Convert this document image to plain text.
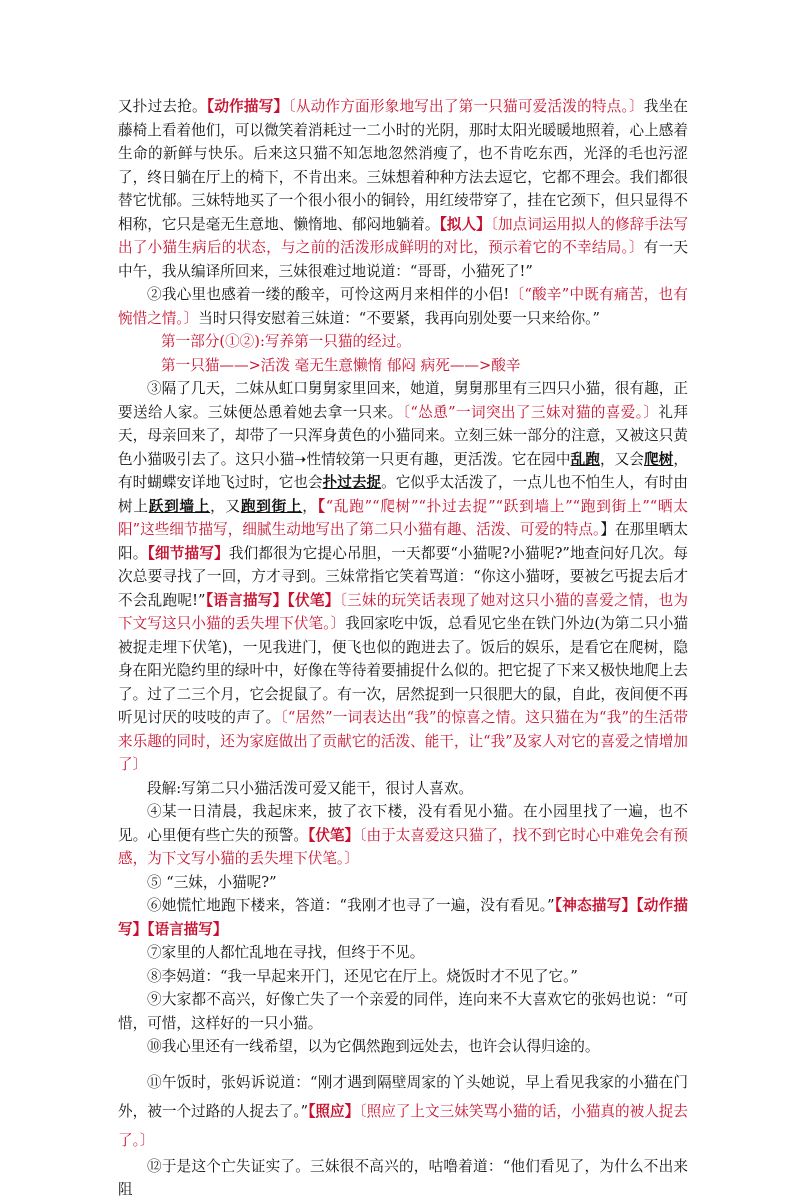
又扑过去抢。【动作描写】〔从动作方面形象地写出了第一只猫可爱活泼的特点。〕我坐在藤椅上看着他们，可以微笑着消耗过一二小时的光阴，那时太阳光暖暖地照着，心上感着生命的新鲜与快乐。后来这只猫不知怎地忽然消瘦了，也不肯吃东西，光泽的毛也污涩了，终日躺在厅上的椅下，不肯出来。三妹想着种种方法去逗它，它都不理会。我们都很替它忧郁。三妹特地买了一个很小很小的铜铃，用红绫带穿了，挂在它颈下，但只显得不相称，它只是毫无生意地、懒惰地、郁闷地躺着。【拟人】〔加点词运用拟人的修辞手法写出了小猫生病后的状态，与之前的活泼形成鲜明的对比，预示着它的不幸结局。〕有一天中午，我从编译所回来，三妹很难过地说道：“哥哥，小猫死了!”

②我心里也感着一缕的酸辛，可怜这两月来相伴的小侣!〔“酸辛”中既有痛苦，也有惋惜之情。〕当时只得安慰着三妹道：“不要紧，我再向别处要一只来给你。”

第一部分(①②):写养第一只猫的经过。

第一只猫——>活泼 毫无生意懒惰 郁闷 病死——>酸辛

③隔了几天，二妹从虹口舅舅家里回来，她道，舅舅那里有三四只小猫，很有趣，正要送给人家。三妹便怂恿着她去拿一只来。〔“怂恿”一词突出了三妹对猫的喜爱。〕礼拜天，母亲回来了，却带了一只浑身黄色的小猫同来。立刻三妹一部分的注意，又被这只黄色小猫吸引去了。这只小猫➝性情较第一只更有趣，更活泼。它在园中乱跑，又会爬树，有时蝴蝶安详地飞过时，它也会扑过去捉。它似乎太活泼了，一点儿也不怕生人，有时由树上跃到墙上，又跑到街上，【“乱跑”“爬树”“扑过去捉”“跃到墙上”“跑到街上”“晒太阳”这些细节描写，细腻生动地写出了第二只小猫有趣、活泼、可爱的特点。】在那里晒太阳。【细节描写】我们都很为它提心吊胆，一天都要“小猫呢?小猫呢?”地查问好几次。每次总要寻找了一回，方才寻到。三妹常指它笑着骂道：“你这小猫呀，要被乞丐捉去后才不会乱跑呢!”【语言描写】【伏笔】〔三妹的玩笑话表现了她对这只小猫的喜爱之情，也为下文写这只小猫的丢失埋下伏笔。〕我回家吃中饭，总看见它坐在铁门外边(为第二只小猫被捉走埋下伏笔)，一见我进门，便飞也似的跑进去了。饭后的娱乐，是看它在爬树，隐身在阳光隐约里的绿叶中，好像在等待着要捕捉什么似的。把它捉了下来又极快地爬上去了。过了二三个月，它会捉鼠了。有一次，居然捉到一只很肥大的鼠，自此，夜间便不再听见讨厌的吱吱的声了。〔“居然”一词表达出“我”的惊喜之情。这只猫在为“我”的生活带来乐趣的同时，还为家庭做出了贡献它的活泼、能干，让“我”及家人对它的喜爱之情增加了〕

段解:写第二只小猫活泼可爱又能干，很讨人喜欢。

④某一日清晨，我起床来，披了衣下楼，没有看见小猫。在小园里找了一遍，也不见。心里便有些亡失的预警。【伏笔】〔由于太喜爱这只猫了，找不到它时心中难免会有预感，为下文写小猫的丢失埋下伏笔。〕

⑤ “三妹，小猫呢?”

⑥她慌忙地跑下楼来，答道：“我刚才也寻了一遍，没有看见。”【神态描写】【动作描写】【语言描写】

⑦家里的人都忙乱地在寻找，但终于不见。

⑧李妈道：“我一早起来开门，还见它在厅上。烧饭时才不见了它。”

⑨大家都不高兴，好像亡失了一个亲爱的同伴，连向来不大喜欢它的张妈也说：“可惜，可惜，这样好的一只小猫。

⑩我心里还有一线希望，以为它偶然跑到远处去，也许会认得归途的。

⑪午饭时，张妈诉说道：“刚才遇到隔壁周家的丫头她说，早上看见我家的小猫在门外，被一个过路的人捉去了。”【照应】〔照应了上文三妹笑骂小猫的话，小猫真的被人捉去了。〕

⑫于是这个亡失证实了。三妹很不高兴的，咕噜着道：“他们看见了，为什么不出来阻
